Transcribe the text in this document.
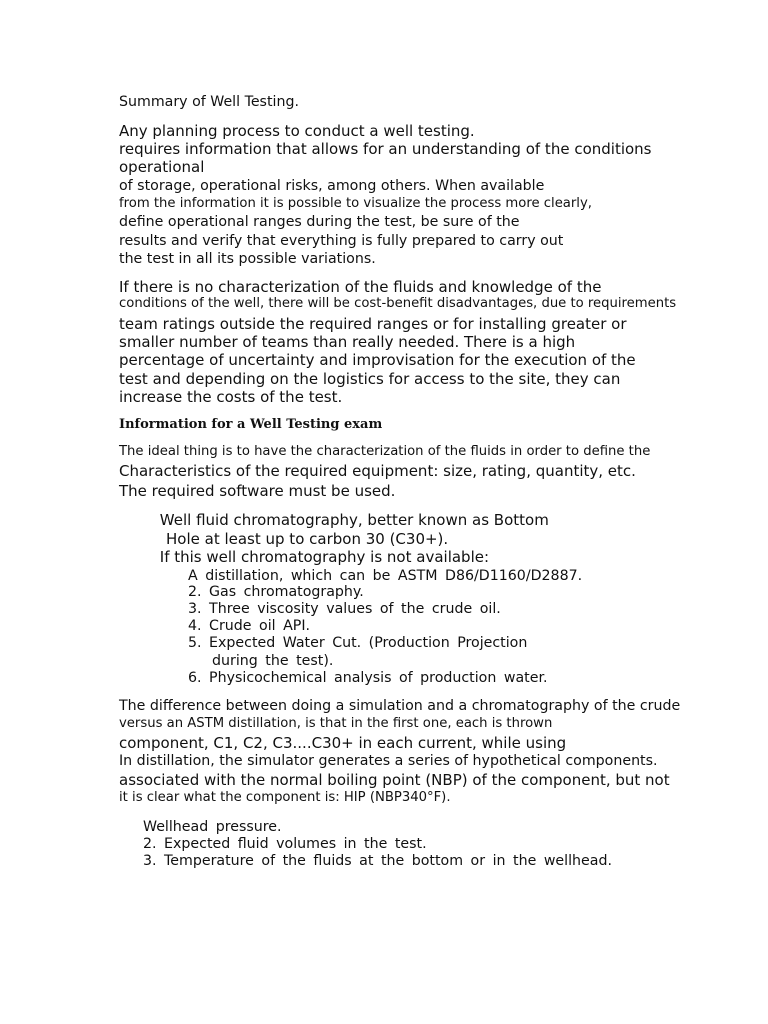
Summary of Well Testing.
Any planning process to conduct a well testing.
requires information that allows for an understanding of the conditions
operational
of storage, operational risks, among others. When available
from the information it is possible to visualize the process more clearly,
define operational ranges during the test, be sure of the
results and verify that everything is fully prepared to carry out
the test in all its possible variations.
If there is no characterization of the fluids and knowledge of the
conditions of the well, there will be cost-benefit disadvantages, due to requirements
team ratings outside the required ranges or for installing greater or
smaller number of teams than really needed. There is a high
percentage of uncertainty and improvisation for the execution of the
test and depending on the logistics for access to the site, they can
increase the costs of the test.
Information for a Well Testing exam
The ideal thing is to have the characterization of the fluids in order to define the
Characteristics of the required equipment: size, rating, quantity, etc.
The required software must be used.
Well fluid chromatography, better known as Bottom
Hole at least up to carbon 30 (C30+).
If this well chromatography is not available:
A distillation, which can be ASTM D86/D1160/D2887.
2. Gas chromatography.
3. Three viscosity values of the crude oil.
4. Crude oil API.
5. Expected Water Cut. (Production Projection
during the test).
6. Physicochemical analysis of production water.
The difference between doing a simulation and a chromatography of the crude
versus an ASTM distillation, is that in the first one, each is thrown
component, C1, C2, C3....C30+ in each current, while using
In distillation, the simulator generates a series of hypothetical components.
associated with the normal boiling point (NBP) of the component, but not
it is clear what the component is: HIP (NBP340°F).
Wellhead pressure.
2. Expected fluid volumes in the test.
3. Temperature of the fluids at the bottom or in the wellhead.
